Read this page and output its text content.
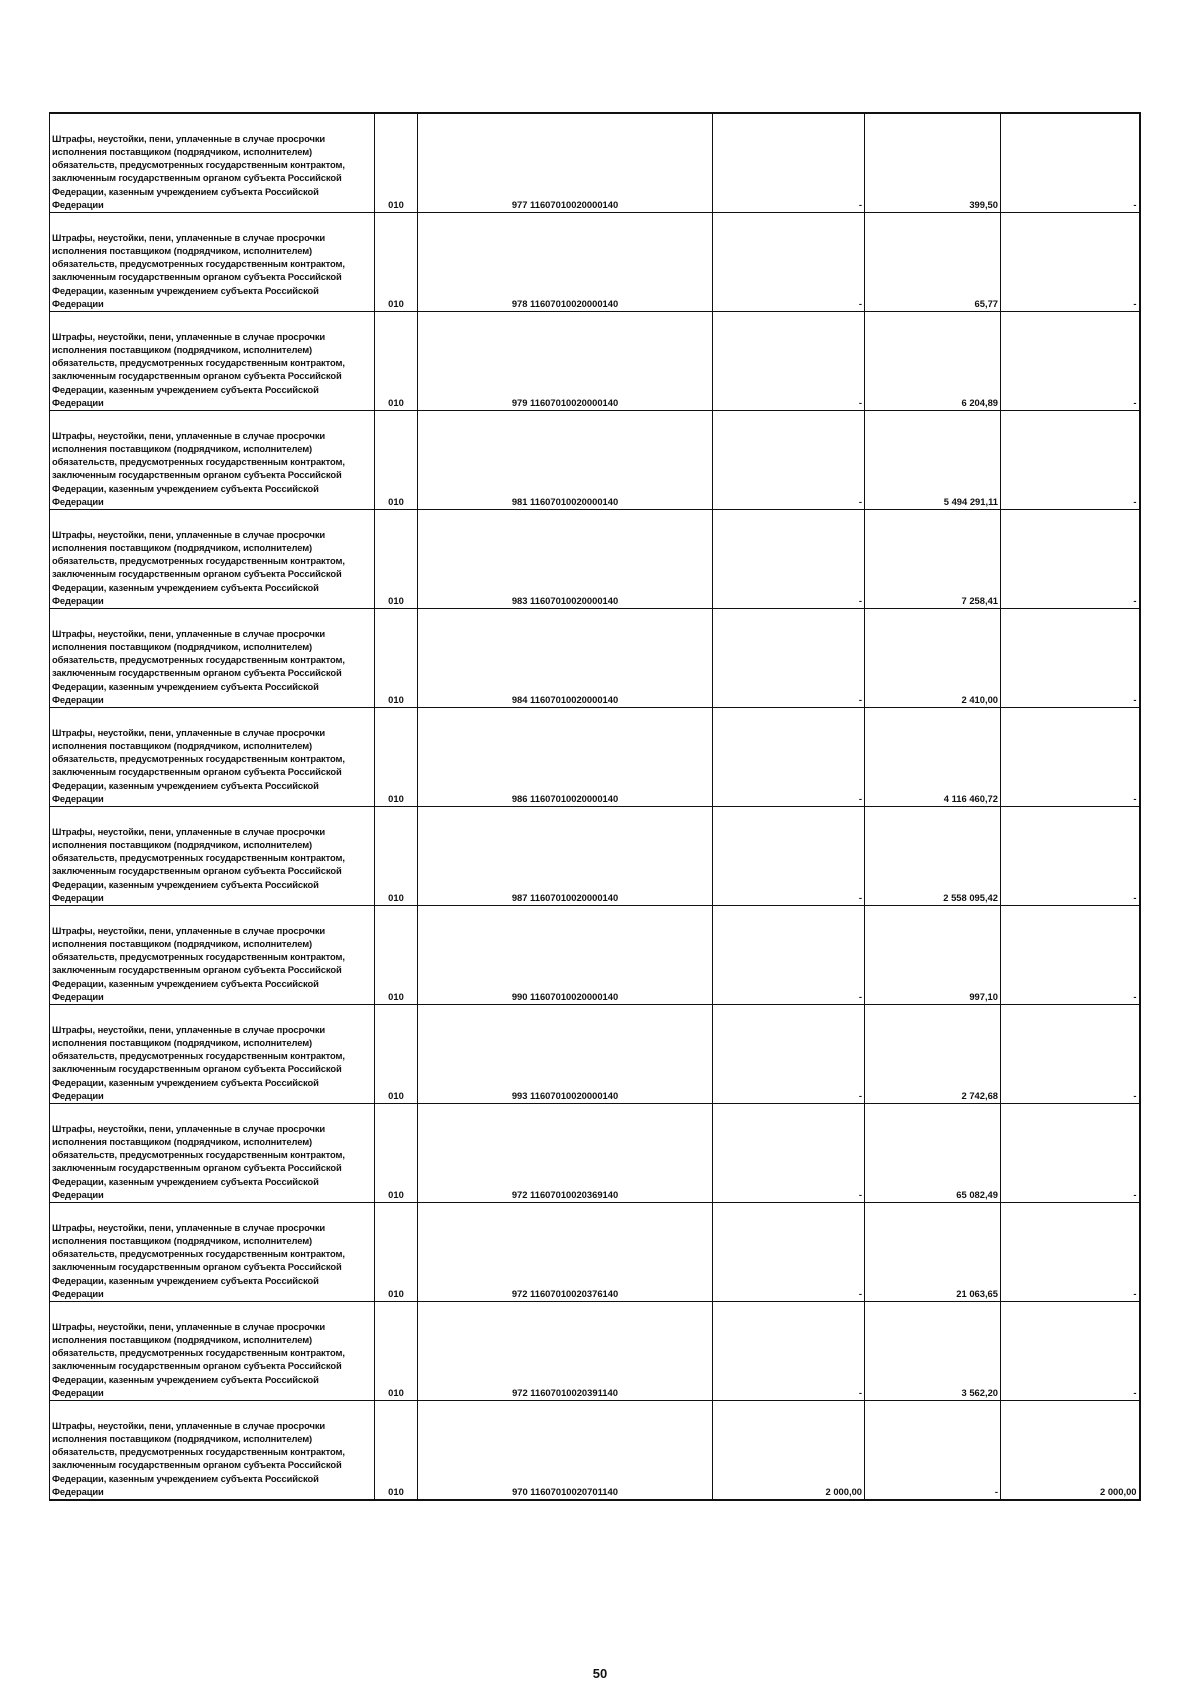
Штрафы, неустойки, пени, уплаченные в случае просрочки исполнения поставщиком (подрядчиком, исполнителем) обязательств, предусмотренных государственным контрактом, заключенным государственным органом субъекта Российской Федерации, казенным учреждением субъекта Российской Федерации	010	977 11607010020000140	-	399,50	-
Штрафы, неустойки, пени, уплаченные в случае просрочки исполнения поставщиком (подрядчиком, исполнителем) обязательств, предусмотренных государственным контрактом, заключенным государственным органом субъекта Российской Федерации, казенным учреждением субъекта Российской Федерации	010	978 11607010020000140	-	65,77	-
Штрафы, неустойки, пени, уплаченные в случае просрочки исполнения поставщиком (подрядчиком, исполнителем) обязательств, предусмотренных государственным контрактом, заключенным государственным органом субъекта Российской Федерации, казенным учреждением субъекта Российской Федерации	010	979 11607010020000140	-	6 204,89	-
Штрафы, неустойки, пени, уплаченные в случае просрочки исполнения поставщиком (подрядчиком, исполнителем) обязательств, предусмотренных государственным контрактом, заключенным государственным органом субъекта Российской Федерации, казенным учреждением субъекта Российской Федерации	010	981 11607010020000140	-	5 494 291,11	-
Штрафы, неустойки, пени, уплаченные в случае просрочки исполнения поставщиком (подрядчиком, исполнителем) обязательств, предусмотренных государственным контрактом, заключенным государственным органом субъекта Российской Федерации, казенным учреждением субъекта Российской Федерации	010	983 11607010020000140	-	7 258,41	-
Штрафы, неустойки, пени, уплаченные в случае просрочки исполнения поставщиком (подрядчиком, исполнителем) обязательств, предусмотренных государственным контрактом, заключенным государственным органом субъекта Российской Федерации, казенным учреждением субъекта Российской Федерации	010	984 11607010020000140	-	2 410,00	-
Штрафы, неустойки, пени, уплаченные в случае просрочки исполнения поставщиком (подрядчиком, исполнителем) обязательств, предусмотренных государственным контрактом, заключенным государственным органом субъекта Российской Федерации, казенным учреждением субъекта Российской Федерации	010	986 11607010020000140	-	4 116 460,72	-
Штрафы, неустойки, пени, уплаченные в случае просрочки исполнения поставщиком (подрядчиком, исполнителем) обязательств, предусмотренных государственным контрактом, заключенным государственным органом субъекта Российской Федерации, казенным учреждением субъекта Российской Федерации	010	987 11607010020000140	-	2 558 095,42	-
Штрафы, неустойки, пени, уплаченные в случае просрочки исполнения поставщиком (подрядчиком, исполнителем) обязательств, предусмотренных государственным контрактом, заключенным государственным органом субъекта Российской Федерации, казенным учреждением субъекта Российской Федерации	010	990 11607010020000140	-	997,10	-
Штрафы, неустойки, пени, уплаченные в случае просрочки исполнения поставщиком (подрядчиком, исполнителем) обязательств, предусмотренных государственным контрактом, заключенным государственным органом субъекта Российской Федерации, казенным учреждением субъекта Российской Федерации	010	993 11607010020000140	-	2 742,68	-
Штрафы, неустойки, пени, уплаченные в случае просрочки исполнения поставщиком (подрядчиком, исполнителем) обязательств, предусмотренных государственным контрактом, заключенным государственным органом субъекта Российской Федерации, казенным учреждением субъекта Российской Федерации	010	972 11607010020369140	-	65 082,49	-
Штрафы, неустойки, пени, уплаченные в случае просрочки исполнения поставщиком (подрядчиком, исполнителем) обязательств, предусмотренных государственным контрактом, заключенным государственным органом субъекта Российской Федерации, казенным учреждением субъекта Российской Федерации	010	972 11607010020376140	-	21 063,65	-
Штрафы, неустойки, пени, уплаченные в случае просрочки исполнения поставщиком (подрядчиком, исполнителем) обязательств, предусмотренных государственным контрактом, заключенным государственным органом субъекта Российской Федерации, казенным учреждением субъекта Российской Федерации	010	972 11607010020391140	-	3 562,20	-
Штрафы, неустойки, пени, уплаченные в случае просрочки исполнения поставщиком (подрядчиком, исполнителем) обязательств, предусмотренных государственным контрактом, заключенным государственным органом субъекта Российской Федерации, казенным учреждением субъекта Российской Федерации	010	970 11607010020701140	2 000,00	-	2 000,00
50
